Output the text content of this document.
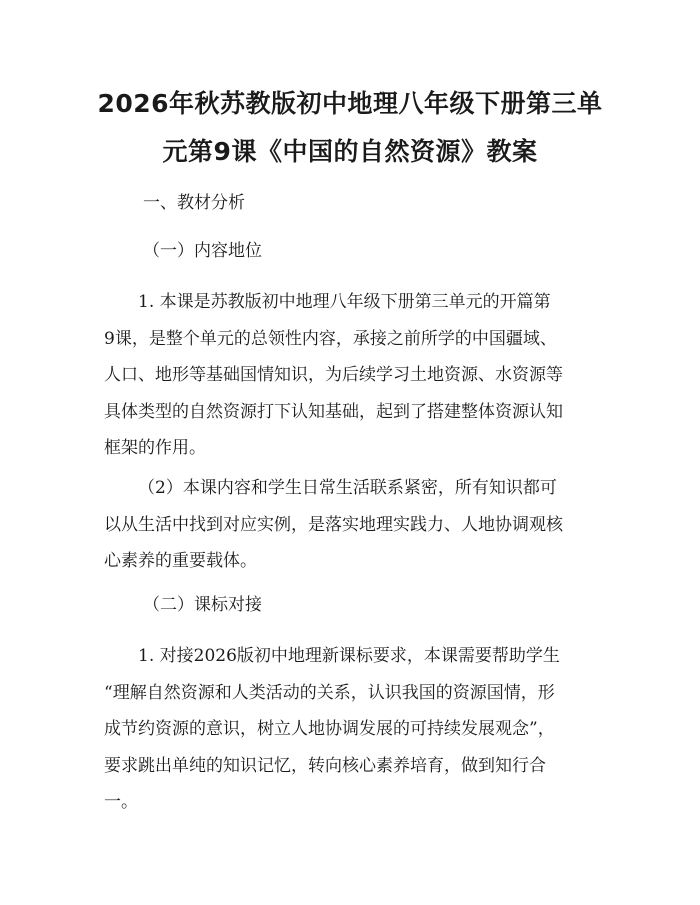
2026年秋苏教版初中地理八年级下册第三单
元第9课《中国的自然资源》教案

一、教材分析

（一）内容地位

1. 本课是苏教版初中地理八年级下册第三单元的开篇第
9课，是整个单元的总领性内容，承接之前所学的中国疆域、
人口、地形等基础国情知识，为后续学习土地资源、水资源等
具体类型的自然资源打下认知基础，起到了搭建整体资源认知
框架的作用。
（2）本课内容和学生日常生活联系紧密，所有知识都可
以从生活中找到对应实例，是落实地理实践力、人地协调观核
心素养的重要载体。

（二）课标对接

1. 对接2026版初中地理新课标要求，本课需要帮助学生
“理解自然资源和人类活动的关系，认识我国的资源国情，形
成节约资源的意识，树立人地协调发展的可持续发展观念”，
要求跳出单纯的知识记忆，转向核心素养培育，做到知行合
一。
